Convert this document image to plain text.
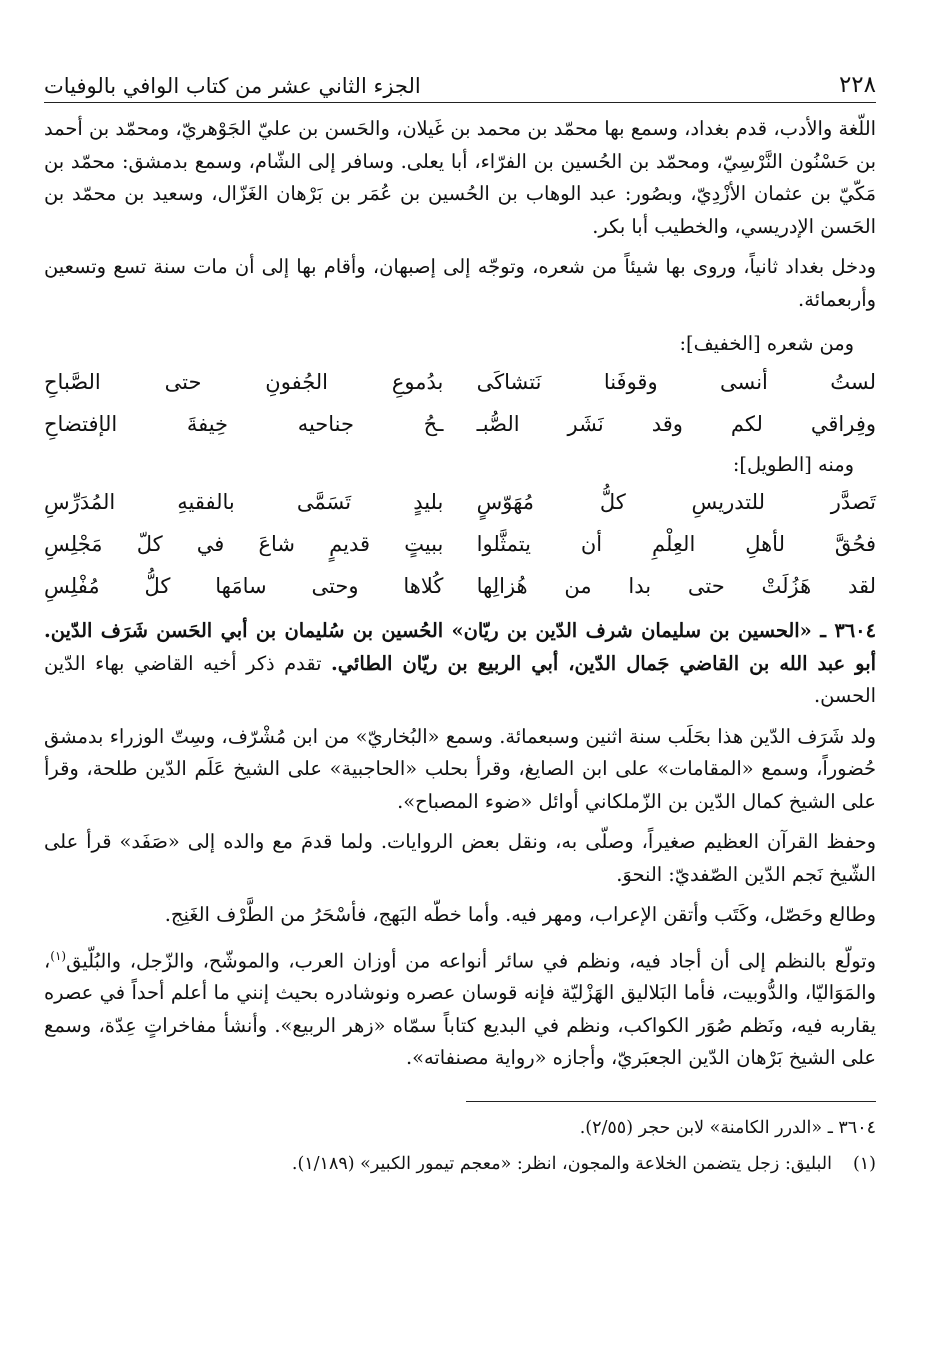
٢٢٨
الجزء الثاني عشر من كتاب الوافي بالوفيات

اللّغة والأدب، قدم بغداد، وسمع بها محمّد بن محمد بن غَيلان، والحَسن بن عليّ الجَوْهريّ، ومحمّد بن أحمد بن حَسْنُون النَّرْسِيّ، ومحمّد بن الحُسين بن الفرّاء، أبا يعلى. وسافر إلى الشّام، وسمع بدمشق: محمّد بن مَكّيّ بن عثمان الأزْدِيّ، وبصُور: عبد الوهاب بن الحُسين بن عُمَر بن بَرْهان الغَزّال، وسعيد بن محمّد بن الحَسن الإدريسي، والخطيب أبا بكر.

ودخل بغداد ثانياً، وروى بها شيئاً من شعره، وتوجّه إلى إصبهان، وأقام بها إلى أن مات سنة تسع وتسعين وأربعمائة.

ومن شعره [الخفيف]:

لستُ أنسى وقوفَنا نَتشاكَى
بدُموعِ الجُفونِ حتى الصَّباحِ
وفِراقي لكم وقد نَشَر الصُّبـ
ـحُ جناحيه خِيفةَ الإفتضاحِ

ومنه [الطويل]:

تَصدَّر للتدريسِ كلُّ مُهَوّسٍ
بليدٍ تَسَمَّى بالفقيهِ المُدَرِّسِ
فحُقَّ لأهلِ العِلْمِ أن يتمثَّلوا
ببيتٍ قديمٍ شاعَ في كلّ مَجْلِسِ
لقد هَزُلَتْ حتى بدا من هُزالِها
كُلاها وحتى سامَها كلُّ مُفْلِسِ

٣٦٠٤ ـ «الحسين بن سليمان شرف الدّين بن ريّان» الحُسين بن سُليمان بن أبي الحَسن شَرَف الدّين. أبو عبد الله بن القاضي جَمال الدّين، أبي الربيع بن ريّان الطائي. تقدم ذكر أخيه القاضي بهاء الدّين الحسن.

ولد شَرَف الدّين هذا بحَلَب سنة اثنين وسبعمائة. وسمع «البُخاريّ» من ابن مُشْرّف، وسِتّ الوزراء بدمشق حُضوراً، وسمع «المقامات» على ابن الصايغ، وقرأ بحلب «الحاجبية» على الشيخ عَلَم الدّين طلحة، وقرأ على الشيخ كمال الدّين بن الزّملكاني أوائل «ضوء المصباح».

وحفظ القرآن العظيم صغيراً، وصلّى به، ونقل بعض الروايات. ولما قدمَ مع والده إلى «صَفَد» قرأ على الشّيخ نَجم الدّين الصّفديّ: النحوَ.

وطالع وحَصّل، وكَتَب وأتقن الإعراب، ومهر فيه. وأما خطّه البَهج، فأسْحَرُ من الطَّرْف الغَنِج.

وتولّع بالنظم إلى أن أجاد فيه، ونظم في سائر أنواعه من أوزان العرب، والموشّح، والزّجل، والبُلّيق$^{(١)}$، والمَوَاليّا، والدُّوبيت، فأما البَلاليق الهَزْليّة فإنه قوسان عصره ونوشادره بحيث إنني ما أعلم أحداً في عصره يقاربه فيه، ونَظم صُوَر الكواكب، ونظم في البديع كتاباً سمّاه «زهر الربيع». وأنشأ مفاخراتٍ عِدّة، وسمع على الشيخ بَرْهان الدّين الجعبَريّ، وأجازه «رواية مصنفاته».

٣٦٠٤ ـ «الدرر الكامنة» لابن حجر (٢/٥٥).
(١)
البليق: زجل يتضمن الخلاعة والمجون، انظر: «معجم تيمور الكبير» (١/١٨٩).
